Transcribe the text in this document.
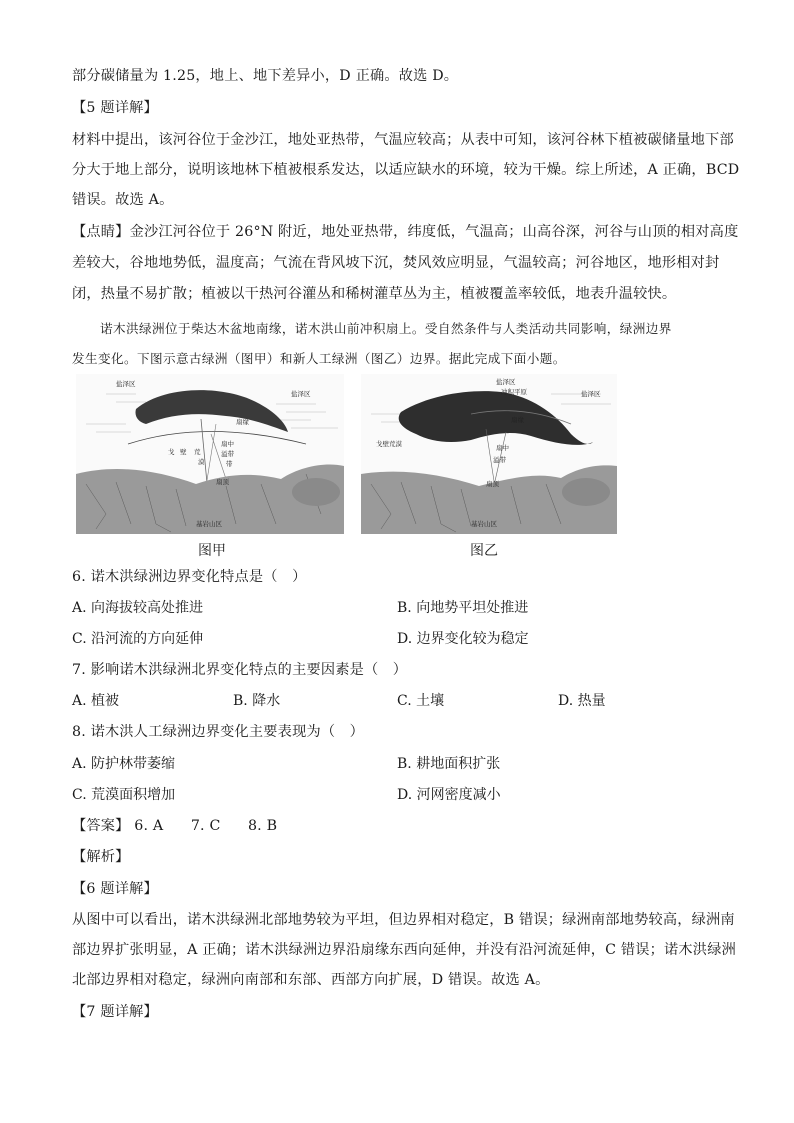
部分碳储量为 1.25，地上、地下差异小，D 正确。故选 D。
【5 题详解】
材料中提出，该河谷位于金沙江，地处亚热带，气温应较高；从表中可知，该河谷林下植被碳储量地下部
分大于地上部分，说明该地林下植被根系发达，以适应缺水的环境，较为干燥。综上所述，A 正确，BCD
错误。故选 A。
【点睛】金沙江河谷位于 26°N 附近，地处亚热带，纬度低，气温高；山高谷深，河谷与山顶的相对高度
差较大，谷地地势低，温度高；气流在背风坡下沉，焚风效应明显，气温较高；河谷地区，地形相对封
闭，热量不易扩散；植被以干热河谷灌丛和稀树灌草丛为主，植被覆盖率较低，地表升温较快。
诺木洪绿洲位于柴达木盆地南缘，诺木洪山前冲积扇上。受自然条件与人类活动共同影响，绿洲边界
发生变化。下图示意古绿洲（图甲）和新人工绿洲（图乙）边界。据此完成下面小题。
盐泽区
盐泽区
扇缘
扇中
溢带
戈 壁 荒
漠	带
扇顶
基岩山区
图甲
盐泽区
冲积平原	盐泽区
扇缘
戈壁荒漠	扇中
溢带
扇顶
基岩山区
图乙
6. 诺木洪绿洲边界变化特点是（　）
A. 向海拔较高处推进	B. 向地势平坦处推进
C. 沿河流的方向延伸	D. 边界变化较为稳定
7. 影响诺木洪绿洲北界变化特点的主要因素是（　）
A. 植被	B. 降水	C. 土壤	D. 热量
8. 诺木洪人工绿洲边界变化主要表现为（　）
A. 防护林带萎缩	B. 耕地面积扩张
C. 荒漠面积增加	D. 河网密度减小
【答案】 6. A 7. C 8. B
【解析】
【6 题详解】
从图中可以看出，诺木洪绿洲北部地势较为平坦，但边界相对稳定，B 错误；绿洲南部地势较高，绿洲南
部边界扩张明显，A 正确；诺木洪绿洲边界沿扇缘东西向延伸，并没有沿河流延伸，C 错误；诺木洪绿洲
北部边界相对稳定，绿洲向南部和东部、西部方向扩展，D 错误。故选 A。
【7 题详解】
